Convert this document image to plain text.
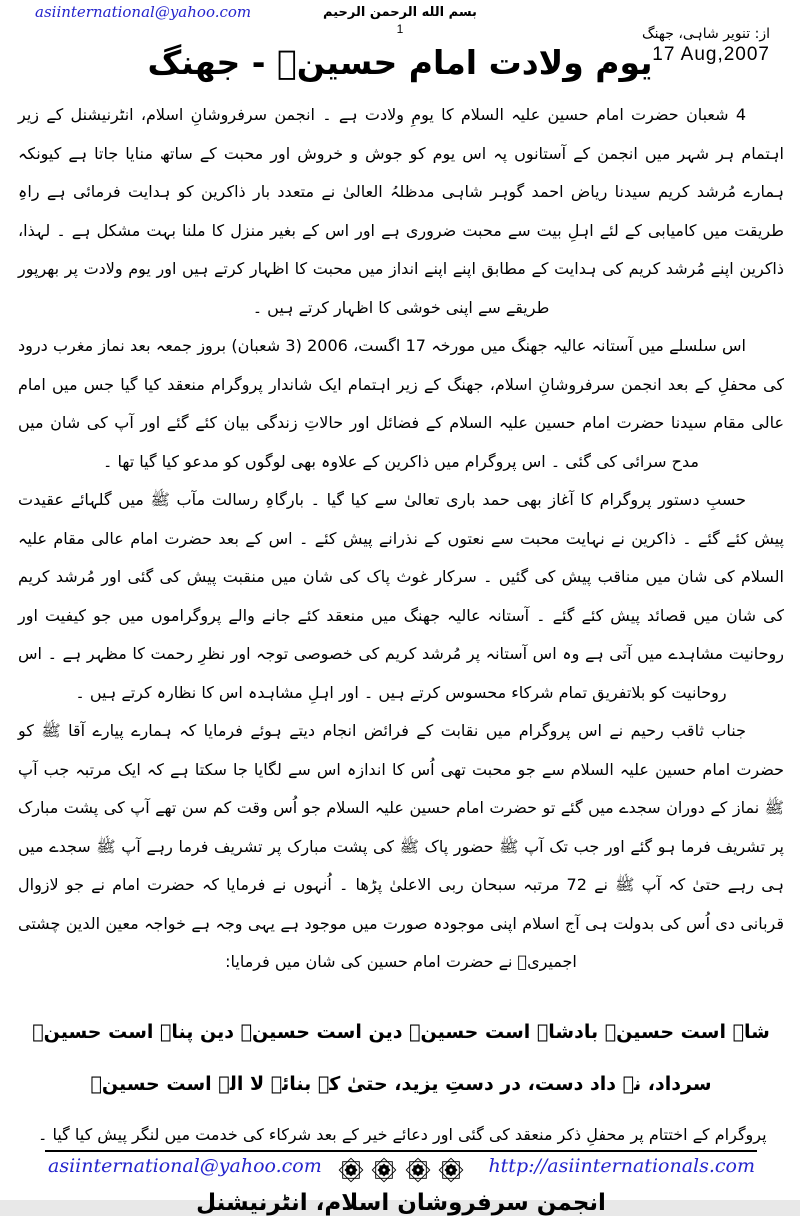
asiinternational@yahoo.com	بسم الله الرحمن الرحيم
1	از: تنویر شاہی، جھنگ
17 Aug,2007
یوم ولادت امام حسینؑ - جھنگ

4 شعبان حضرت امام حسین علیہ السلام کا یومِ ولادت ہے ۔ انجمن سرفروشانِ اسلام، انٹرنیشنل کے زیر اہتمام ہر شہر میں انجمن کے آستانوں پہ اس یوم کو جوش و خروش اور محبت کے ساتھ منایا جاتا ہے کیونکہ ہمارے مُرشد کریم سیدنا ریاض احمد گوہر شاہی مدظلہُ العالیٰ نے متعدد بار ذاکرین کو ہدایت فرمائی ہے راہِ طریقت میں کامیابی کے لئے اہلِ بیت سے محبت ضروری ہے اور اس کے بغیر منزل کا ملنا بہت مشکل ہے ۔ لہذا، ذاکرین اپنے مُرشد کریم کی ہدایت کے مطابق اپنے اپنے انداز میں محبت کا اظہار کرتے ہیں اور یوم ولادت پر بھرپور طریقے سے اپنی خوشی کا اظہار کرتے ہیں ۔

اس سلسلے میں آستانہ عالیہ جھنگ میں مورخہ 17 اگست، 2006 (3 شعبان) بروز جمعہ بعد نماز مغرب درود کی محفلِ کے بعد انجمن سرفروشانِ اسلام، جھنگ کے زیر اہتمام ایک شاندار پروگرام منعقد کیا گیا جس میں امام عالی مقام سیدنا حضرت امام حسین علیہ السلام کے فضائل اور حالاتِ زندگی بیان کئے گئے اور آپ کی شان میں مدح سرائی کی گئی ۔ اس پروگرام میں ذاکرین کے علاوہ بھی لوگوں کو مدعو کیا گیا تھا ۔

حسبِ دستور پروگرام کا آغاز بھی حمد باری تعالیٰ سے کیا گیا ۔ بارگاہِ رسالت مآب ﷺ میں گلہائے عقیدت پیش کئے گئے ۔ ذاکرین نے نہایت محبت سے نعتوں کے نذرانے پیش کئے ۔ اس کے بعد حضرت امام عالی مقام علیہ السلام کی شان میں مناقب پیش کی گئیں ۔ سرکار غوث پاک کی شان میں منقبت پیش کی گئی اور مُرشد کریم کی شان میں قصائد پیش کئے گئے ۔ آستانہ عالیہ جھنگ میں منعقد کئے جانے والے پروگراموں میں جو کیفیت اور روحانیت مشاہدے میں آتی ہے وہ اس آستانہ پر مُرشد کریم کی خصوصی توجہ اور نظرِ رحمت کا مظہر ہے ۔ اس روحانیت کو بلاتفریق تمام شرکاء محسوس کرتے ہیں ۔ اور اہلِ مشاہدہ اس کا نظارہ کرتے ہیں ۔

جناب ثاقب رحیم نے اس پروگرام میں نقابت کے فرائض انجام دیتے ہوئے فرمایا کہ ہمارے پیارے آقا ﷺ کو حضرت امام حسین علیہ السلام سے جو محبت تھی اُس کا اندازہ اس سے لگایا جا سکتا ہے کہ ایک مرتبہ جب آپ ﷺ نماز کے دوران سجدے میں گئے تو حضرت امام حسین علیہ السلام جو اُس وقت کم سن تھے آپ کی پشت مبارک پر تشریف فرما ہو گئے اور جب تک آپ ﷺ حضور پاک ﷺ کی پشت مبارک پر تشریف فرما رہے آپ ﷺ سجدے میں ہی رہے حتیٰ کہ آپ ﷺ نے 72 مرتبہ سبحان ربی الاعلیٰ پڑھا ۔ اُنہوں نے فرمایا کہ حضرت امام نے جو لازوال قربانی دی اُس کی بدولت ہی آج اسلام اپنی موجودہ صورت میں موجود ہے یہی وجہ ہے خواجہ معین الدین چشتی اجمیریؒ نے حضرت امام حسین کی شان میں فرمایا:

شاہ است حسینؑ بادشاہ است حسینؑ دین است حسینؑ دین پناہ است حسینؑ
سرداد، نہ داد دست، در دستِ یزید، حتیٰ کہ بنائے لا الہ است حسینؑ

پروگرام کے اختتام پر محفلِ ذکر منعقد کی گئی اور دعائے خیر کے بعد شرکاء کی خدمت میں لنگر پیش کیا گیا ۔

انجمن سرفروشان اسلام، انٹرنیشنل
asiinternational@yahoo.com	http://asiinternationals.com
